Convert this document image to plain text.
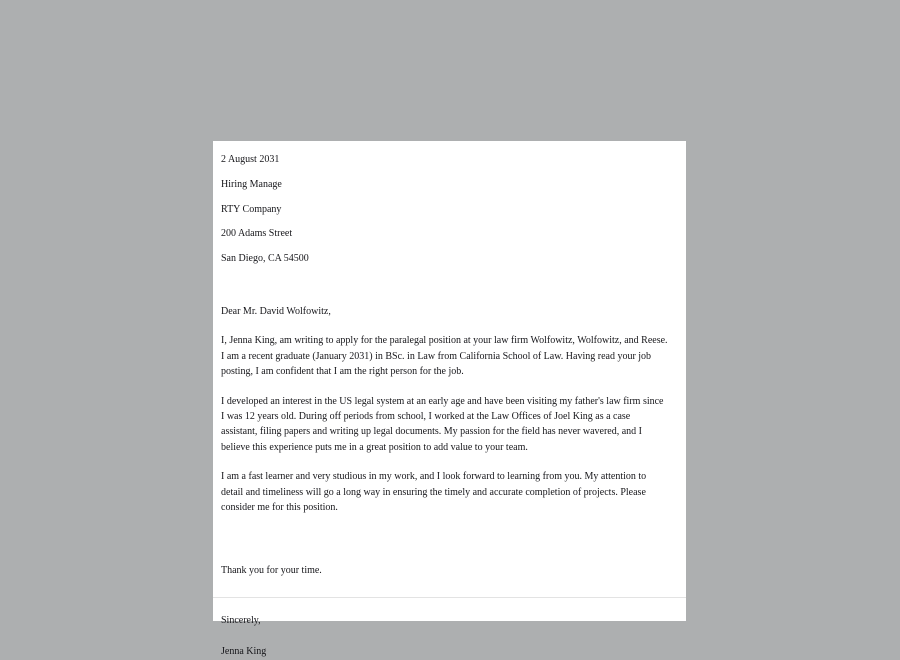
2 August 2031

Hiring Manage

RTY Company

200 Adams Street

San Diego, CA 54500

Dear Mr. David Wolfowitz,

I, Jenna King, am writing to apply for the paralegal position at your law firm Wolfowitz, Wolfowitz, and Reese. I am a recent graduate (January 2031) in BSc. in Law from California School of Law. Having read your job posting, I am confident that I am the right person for the job.

I developed an interest in the US legal system at an early age and have been visiting my father's law firm since I was 12 years old. During off periods from school, I worked at the Law Offices of Joel King as a case assistant, filing papers and writing up legal documents. My passion for the field has never wavered, and I believe this experience puts me in a great position to add value to your team.

I am a fast learner and very studious in my work, and I look forward to learning from you. My attention to detail and timeliness will go a long way in ensuring the timely and accurate completion of projects. Please consider me for this position.

Thank you for your time.

Sincerely,

Jenna King
